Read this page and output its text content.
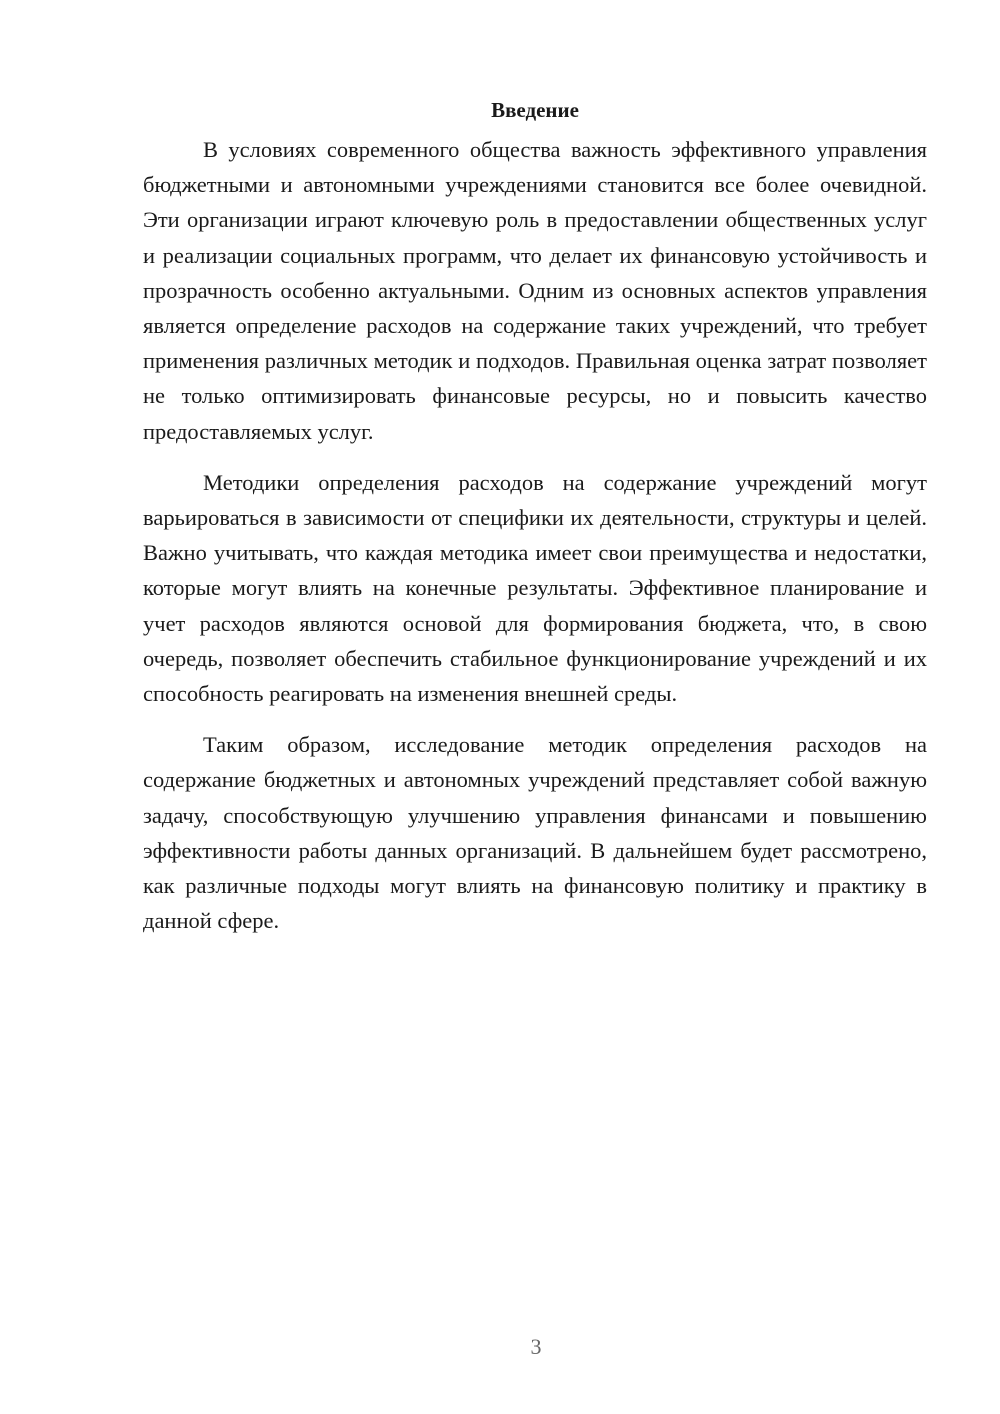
Введение

В условиях современного общества важность эффективного управления бюджетными и автономными учреждениями становится все более очевидной. Эти организации играют ключевую роль в предоставлении общественных услуг и реализации социальных программ, что делает их финансовую устойчивость и прозрачность особенно актуальными. Одним из основных аспектов управления является определение расходов на содержание таких учреждений, что требует применения различных методик и подходов. Правильная оценка затрат позволяет не только оптимизировать финансовые ресурсы, но и повысить качество предоставляемых услуг.

Методики определения расходов на содержание учреждений могут варьироваться в зависимости от специфики их деятельности, структуры и целей. Важно учитывать, что каждая методика имеет свои преимущества и недостатки, которые могут влиять на конечные результаты. Эффективное планирование и учет расходов являются основой для формирования бюджета, что, в свою очередь, позволяет обеспечить стабильное функционирование учреждений и их способность реагировать на изменения внешней среды.

Таким образом, исследование методик определения расходов на содержание бюджетных и автономных учреждений представляет собой важную задачу, способствующую улучшению управления финансами и повышению эффективности работы данных организаций. В дальнейшем будет рассмотрено, как различные подходы могут влиять на финансовую политику и практику в данной сфере.

3
